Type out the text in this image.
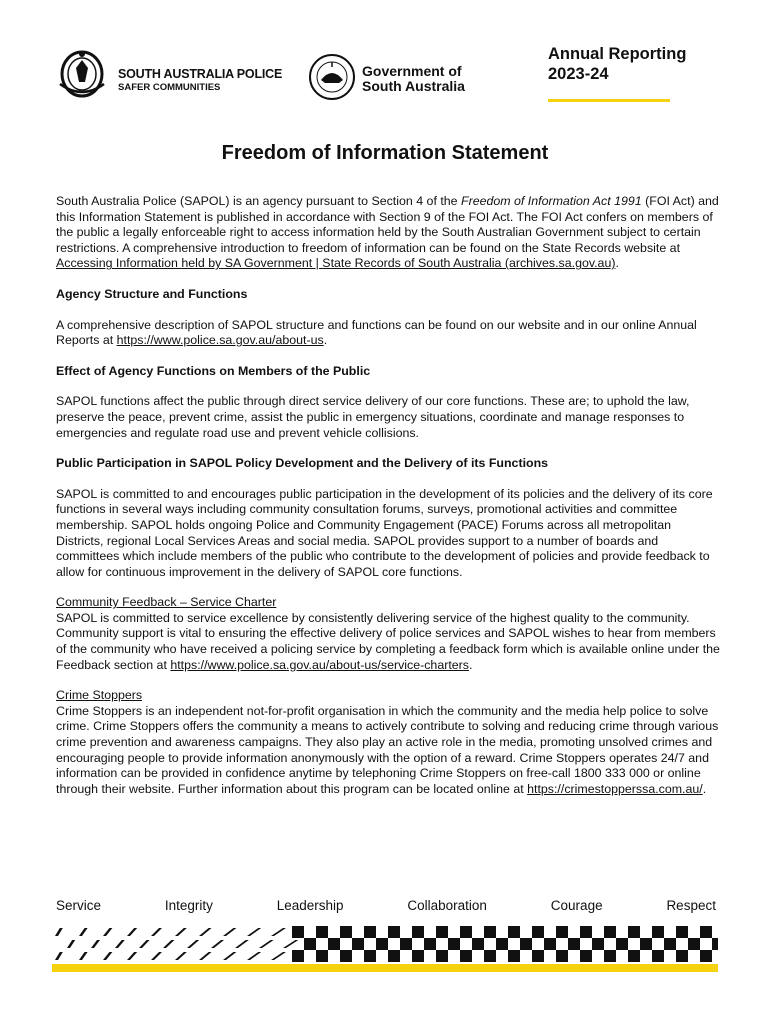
SOUTH AUSTRALIA POLICE
SAFER COMMUNITIES
Government of
South Australia
Annual Reporting
2023-24
Freedom of Information Statement

South Australia Police (SAPOL) is an agency pursuant to Section 4 of the Freedom of Information Act 1991 (FOI Act) and this Information Statement is published in accordance with Section 9 of the FOI Act. The FOI Act confers on members of the public a legally enforceable right to access information held by the South Australian Government subject to certain restrictions. A comprehensive introduction to freedom of information can be found on the State Records website at Accessing Information held by SA Government | State Records of South Australia (archives.sa.gov.au).

Agency Structure and Functions

A comprehensive description of SAPOL structure and functions can be found on our website and in our online Annual Reports at https://www.police.sa.gov.au/about-us.

Effect of Agency Functions on Members of the Public

SAPOL functions affect the public through direct service delivery of our core functions. These are; to uphold the law, preserve the peace, prevent crime, assist the public in emergency situations, coordinate and manage responses to emergencies and regulate road use and prevent vehicle collisions.

Public Participation in SAPOL Policy Development and the Delivery of its Functions

SAPOL is committed to and encourages public participation in the development of its policies and the delivery of its core functions in several ways including community consultation forums, surveys, promotional activities and committee membership. SAPOL holds ongoing Police and Community Engagement (PACE) Forums across all metropolitan Districts, regional Local Services Areas and social media. SAPOL provides support to a number of boards and committees which include members of the public who contribute to the development of policies and provide feedback to allow for continuous improvement in the delivery of SAPOL core functions.

Community Feedback – Service Charter

SAPOL is committed to service excellence by consistently delivering service of the highest quality to the community. Community support is vital to ensuring the effective delivery of police services and SAPOL wishes to hear from members of the community who have received a policing service by completing a feedback form which is available online under the Feedback section at https://www.police.sa.gov.au/about-us/service-charters.

Crime Stoppers

Crime Stoppers is an independent not-for-profit organisation in which the community and the media help police to solve crime. Crime Stoppers offers the community a means to actively contribute to solving and reducing crime through various crime prevention and awareness campaigns. They also play an active role in the media, promoting unsolved crimes and encouraging people to provide information anonymously with the option of a reward. Crime Stoppers operates 24/7 and information can be provided in confidence anytime by telephoning Crime Stoppers on free-call 1800 333 000 or online through their website. Further information about this program can be located online at https://crimestopperssa.com.au/.

Service	Integrity	Leadership	Collaboration	Courage	Respect
